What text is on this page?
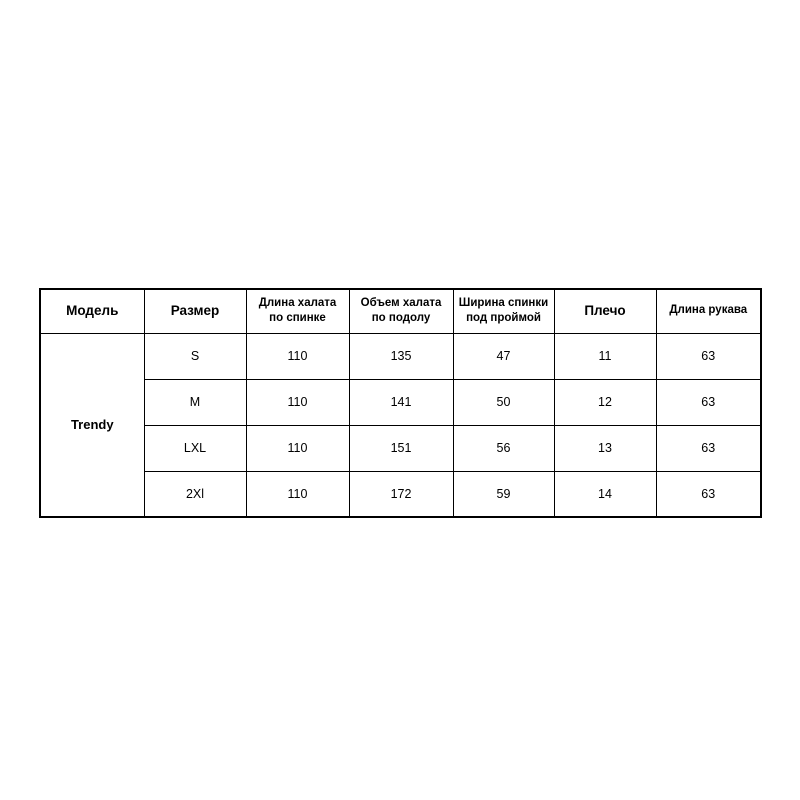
Модель	Размер	Длина халата по спинке	Объем халата по подолу	Ширина спинки под проймой	Плечо	Длина рукава
Trendy	S	110	135	47	11	63
	M	110	141	50	12	63
	LXL	110	151	56	13	63
	2Xl	110	172	59	14	63
